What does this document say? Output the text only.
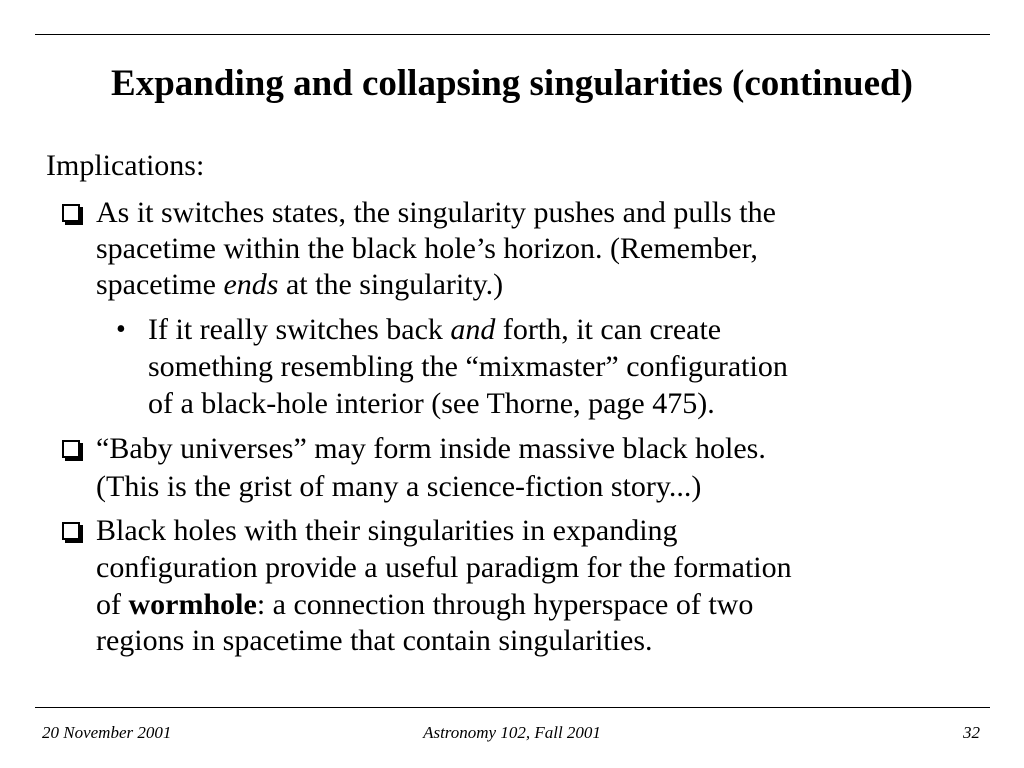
Expanding and collapsing singularities (continued)
Implications:
As it switches states, the singularity pushes and pulls the
spacetime within the black hole’s horizon. (Remember,
spacetime ends at the singularity.)
• If it really switches back and forth, it can create
something resembling the “mixmaster” configuration
of a black-hole interior (see Thorne, page 475).
“Baby universes” may form inside massive black holes.
(This is the grist of many a science-fiction story...)
Black holes with their singularities in expanding
configuration provide a useful paradigm for the formation
of wormhole: a connection through hyperspace of two
regions in spacetime that contain singularities.
20 November 2001	Astronomy 102, Fall 2001	32
